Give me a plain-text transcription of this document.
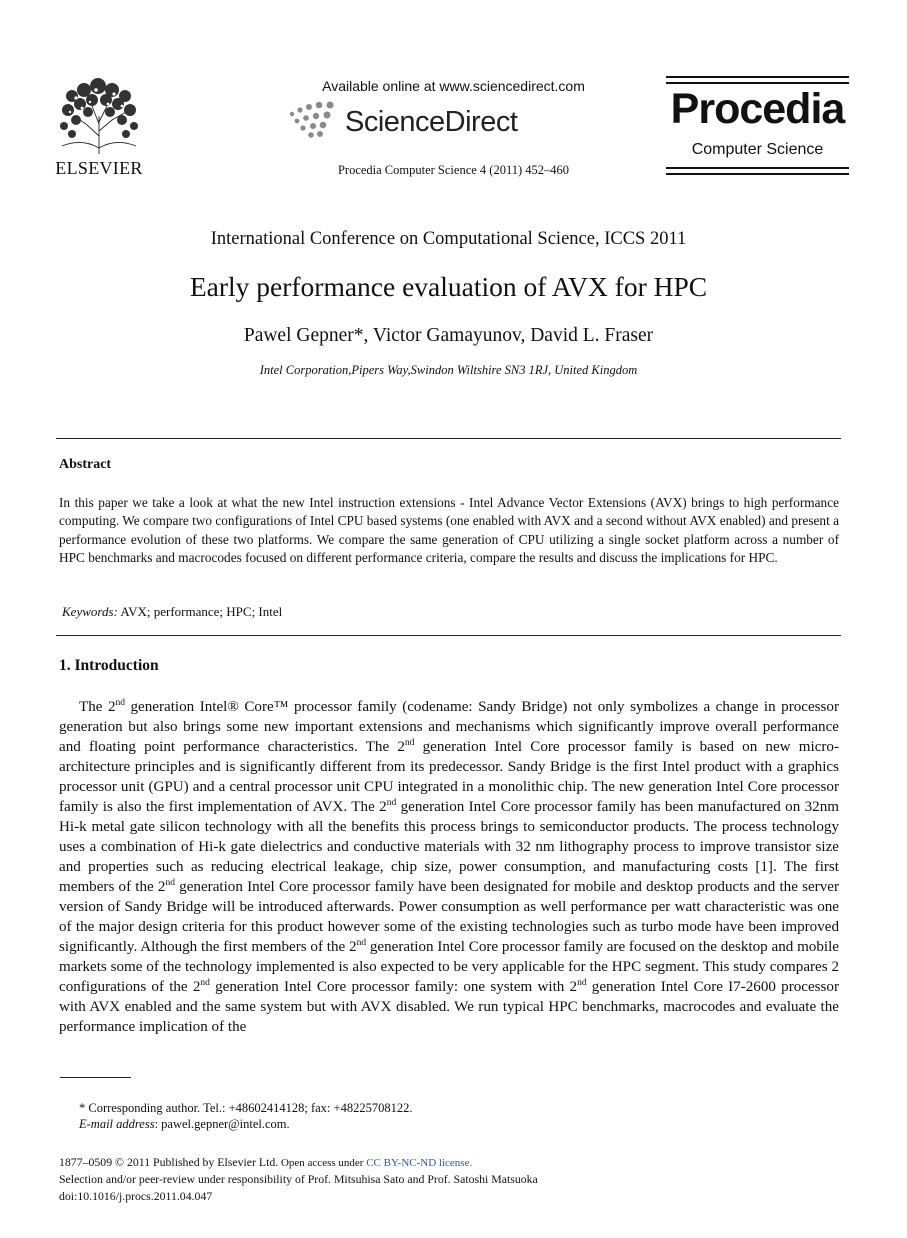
ELSEVIER
Available online at www.sciencedirect.com
ScienceDirect
Procedia Computer Science 4 (2011) 452–460
Procedia
Computer Science
International Conference on Computational Science, ICCS 2011
Early performance evaluation of AVX for HPC
Pawel Gepner*, Victor Gamayunov, David L. Fraser
Intel Corporation,Pipers Way,Swindon Wiltshire SN3 1RJ, United Kingdom
Abstract
In this paper we take a look at what the new Intel instruction extensions - Intel Advance Vector Extensions (AVX) brings to high performance computing. We compare two configurations of Intel CPU based systems (one enabled with AVX and a second without AVX enabled) and present a performance evolution of these two platforms. We compare the same generation of CPU utilizing a single socket platform across a number of HPC benchmarks and macrocodes focused on different performance criteria, compare the results and discuss the implications for HPC.
Keywords: AVX; performance; HPC; Intel
1. Introduction
The 2nd generation Intel® Core™ processor family (codename: Sandy Bridge) not only symbolizes a change in processor generation but also brings some new important extensions and mechanisms which significantly improve overall performance and floating point performance characteristics. The 2nd generation Intel Core processor family is based on new micro-architecture principles and is significantly different from its predecessor. Sandy Bridge is the first Intel product with a graphics processor unit (GPU) and a central processor unit CPU integrated in a monolithic chip. The new generation Intel Core processor family is also the first implementation of AVX. The 2nd generation Intel Core processor family has been manufactured on 32nm Hi-k metal gate silicon technology with all the benefits this process brings to semiconductor products. The process technology uses a combination of Hi-k gate dielectrics and conductive materials with 32 nm lithography process to improve transistor size and properties such as reducing electrical leakage, chip size, power consumption, and manufacturing costs [1]. The first members of the 2nd generation Intel Core processor family have been designated for mobile and desktop products and the server version of Sandy Bridge will be introduced afterwards. Power consumption as well performance per watt characteristic was one of the major design criteria for this product however some of the existing technologies such as turbo mode have been improved significantly. Although the first members of the 2nd generation Intel Core processor family are focused on the desktop and mobile markets some of the technology implemented is also expected to be very applicable for the HPC segment. This study compares 2 configurations of the 2nd generation Intel Core processor family: one system with 2nd generation Intel Core I7-2600 processor with AVX enabled and the same system but with AVX disabled. We run typical HPC benchmarks, macrocodes and evaluate the performance implication of the
* Corresponding author. Tel.: +48602414128; fax: +48225708122.
E-mail address: pawel.gepner@intel.com.
1877–0509 © 2011 Published by Elsevier Ltd. Open access under CC BY-NC-ND license.
Selection and/or peer-review under responsibility of Prof. Mitsuhisa Sato and Prof. Satoshi Matsuoka
doi:10.1016/j.procs.2011.04.047
